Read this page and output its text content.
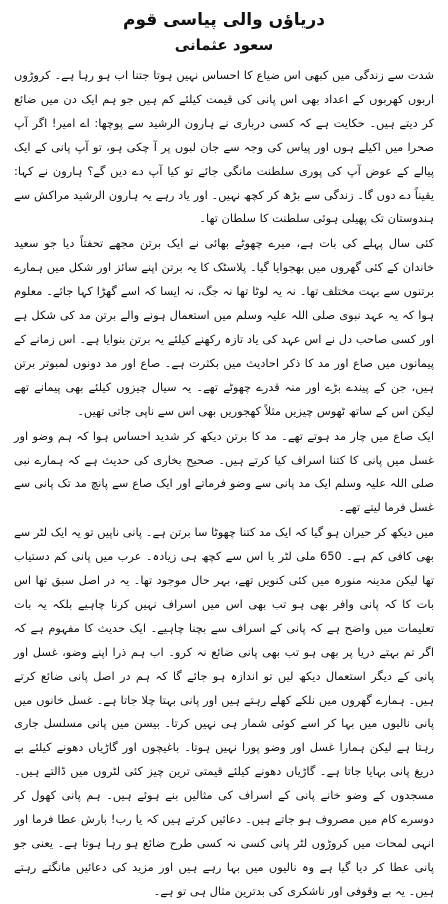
دریاؤں والی پیاسی قوم
سعود عثمانی

شدت سے زندگی میں کبھی اس ضیاع کا احساس نہیں ہوتا جتنا اب ہو رہا ہے۔ کروڑوں اربوں کھربوں کے اعداد بھی اس پانی کی قیمت کیلئے کم ہیں جو ہم ایک دن میں ضائع کر دیتے ہیں۔ حکایت ہے کہ کسی درباری نے ہارون الرشید سے پوچھا: اے امیر! اگر آپ صحرا میں اکیلے ہوں اور پیاس کی وجہ سے جان لبوں پر آ چکی ہو، تو آپ پانی کے ایک پیالے کے عوض آپ کی پوری سلطنت مانگی جائے تو کیا آپ دے دیں گے؟ ہارون نے کہا: یقیناً دے دوں گا۔ زندگی سے بڑھ کر کچھ نہیں۔ اور یاد رہے یہ ہارون الرشید مراکش سے ہندوستان تک پھیلی ہوئی سلطنت کا سلطان تھا۔

کئی سال پہلے کی بات ہے، میرے چھوٹے بھائی نے ایک برتن مجھے تحفتاً دیا جو سعید خاندان کے کئی گھروں میں بھجوایا گیا۔ پلاسٹک کا یہ برتن اپنے سائز اور شکل میں ہمارے برتنوں سے بہت مختلف تھا۔ نہ یہ لوٹا تھا نہ جگ، نہ ایسا کہ اسے گھڑا کہا جائے۔ معلوم ہوا کہ یہ عہد نبوی صلی اللہ علیہ وسلم میں استعمال ہونے والے برتن مد کی شکل ہے اور کسی صاحب دل نے اس عہد کی یاد تازہ رکھنے کیلئے یہ برتن بنوایا ہے۔ اس زمانے کے پیمانوں میں صاع اور مد کا ذکر احادیث میں بکثرت ہے۔ صاع اور مد دونوں لمبوتر برتن ہیں، جن کے پیندے بڑے اور منہ قدرے چھوٹے تھے۔ یہ سیال چیزوں کیلئے بھی پیمانے تھے لیکن اس کے ساتھ ٹھوس چیزیں مثلاً کھجوریں بھی اس سے ناپی جاتی تھیں۔

ایک صاع میں چار مد ہوتے تھے۔ مد کا برتن دیکھ کر شدید احساس ہوا کہ ہم وضو اور غسل میں پانی کا کتنا اسراف کیا کرتے ہیں۔ صحیح بخاری کی حدیث ہے کہ ہمارے نبی صلی اللہ علیہ وسلم ایک مد پانی سے وضو فرماتے اور ایک صاع سے پانچ مد تک پانی سے غسل فرما لیتے تھے۔

میں دیکھ کر حیران ہو گیا کہ ایک مد کتنا چھوٹا سا برتن ہے۔ پانی ناپیں تو یہ ایک لٹر سے بھی کافی کم ہے۔ 650 ملی لٹر یا اس سے کچھ ہی زیادہ۔ عرب میں پانی کم دستیاب تھا لیکن مدینہ منورہ میں کئی کنویں تھے، بہر حال موجود تھا۔ یہ در اصل سبق تھا اس بات کا کہ پانی وافر بھی ہو تب بھی اس میں اسراف نہیں کرنا چاہیے بلکہ یہ بات تعلیمات میں واضح ہے کہ پانی کے اسراف سے بچنا چاہیے۔ ایک حدیث کا مفہوم ہے کہ اگر تم بہتے دریا پر بھی ہو تب بھی پانی ضائع نہ کرو۔ اب ہم ذرا اپنے وضو، غسل اور پانی کے دیگر استعمال دیکھ لیں تو اندازہ ہو جائے گا کہ ہم در اصل پانی ضائع کرتے ہیں۔ ہمارے گھروں میں نلکے کھلے رہتے ہیں اور پانی بہتا چلا جاتا ہے۔ غسل خانوں میں پانی نالیوں میں بہا کر اسے کوئی شمار ہی نہیں کرتا۔ بیسن میں پانی مسلسل جاری رہتا ہے لیکن ہمارا غسل اور وضو پورا نہیں ہوتا۔ باغیچوں اور گاڑیاں دھونے کیلئے بے دریغ پانی بہایا جاتا ہے۔ گاڑیاں دھونے کیلئے قیمتی ترین چیز کئی لٹروں میں ڈالتے ہیں۔ مسجدوں کے وضو خانے پانی کے اسراف کی مثالیں بنے ہوئے ہیں۔ ہم پانی کھول کر دوسرے کام میں مصروف ہو جاتے ہیں۔ دعائیں کرتے ہیں کہ یا رب! بارش عطا فرما اور انہی لمحات میں کروڑوں لٹر پانی کسی نہ کسی طرح ضائع ہو رہا ہوتا ہے۔ یعنی جو پانی عطا کر دیا گیا ہے وہ نالیوں میں بہا رہے ہیں اور مزید کی دعائیں مانگتے رہتے ہیں۔ یہ بے وقوفی اور ناشکری کی بدترین مثال ہی تو ہے۔
